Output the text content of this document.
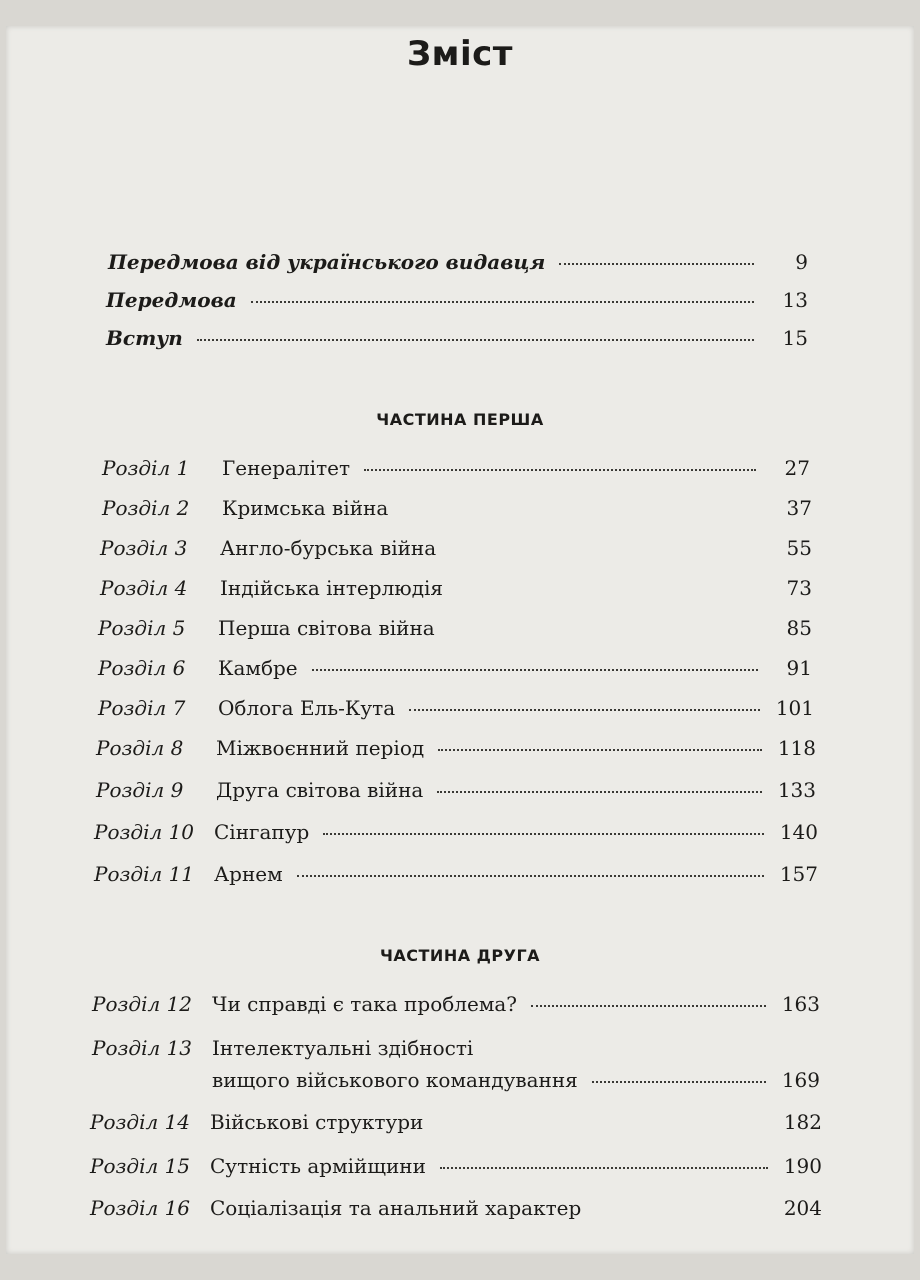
Зміст
Передмова від українського видавця	9
Передмова	13
Вступ	15
ЧАСТИНА ПЕРША
Розділ 1	Генералітет	27
Розділ 2	Кримська війна	37
Розділ 3	Англо-бурська війна	55
Розділ 4	Індійська інтерлюдія	73
Розділ 5	Перша світова війна	85
Розділ 6	Камбре	91
Розділ 7	Облога Ель-Кута	101
Розділ 8	Міжвоєнний період	118
Розділ 9	Друга світова війна	133
Розділ 10 Сінгапур	140
Розділ 11 Арнем	157
ЧАСТИНА ДРУГА
Розділ 12 Чи справді є така проблема?	163
Розділ 13 Інтелектуальні здібності
вищого військового командування	169
Розділ 14 Військові структури	182
Розділ 15 Сутність армійщини	190
Розділ 16 Соціалізація та анальний характер	204
